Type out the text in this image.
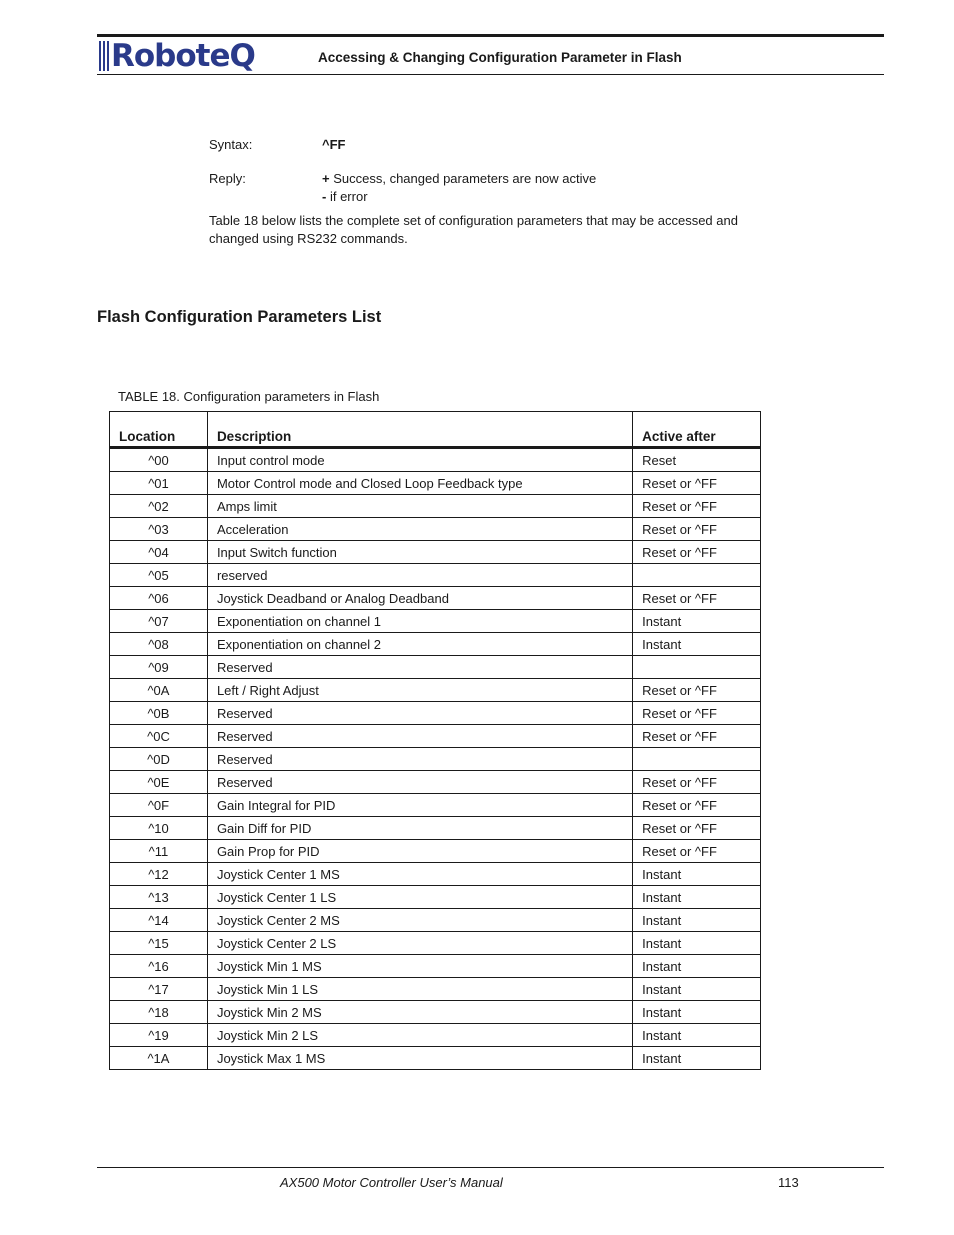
RoboteQ	Accessing & Changing Configuration Parameter in Flash
Syntax:	^FF
Reply:	+ Success, changed parameters are now active
- if error
Table 18 below lists the complete set of configuration parameters that may be accessed and changed using RS232 commands.
Flash Configuration Parameters List
TABLE 18. Configuration parameters in Flash
Location	Description	Active after
^00	Input control mode	Reset
^01	Motor Control mode and Closed Loop Feedback type	Reset or ^FF
^02	Amps limit	Reset or ^FF
^03	Acceleration	Reset or ^FF
^04	Input Switch function	Reset or ^FF
^05	reserved	
^06	Joystick Deadband or Analog Deadband	Reset or ^FF
^07	Exponentiation on channel 1	Instant
^08	Exponentiation on channel 2	Instant
^09	Reserved	
^0A	Left / Right Adjust	Reset or ^FF
^0B	Reserved	Reset or ^FF
^0C	Reserved	Reset or ^FF
^0D	Reserved	
^0E	Reserved	Reset or ^FF
^0F	Gain Integral for PID	Reset or ^FF
^10	Gain Diff for PID	Reset or ^FF
^11	Gain Prop for PID	Reset or ^FF
^12	Joystick Center 1 MS	Instant
^13	Joystick Center 1 LS	Instant
^14	Joystick Center 2 MS	Instant
^15	Joystick Center 2 LS	Instant
^16	Joystick Min 1 MS	Instant
^17	Joystick Min 1 LS	Instant
^18	Joystick Min 2 MS	Instant
^19	Joystick Min 2 LS	Instant
^1A	Joystick Max 1 MS	Instant
AX500 Motor Controller User’s Manual	113
